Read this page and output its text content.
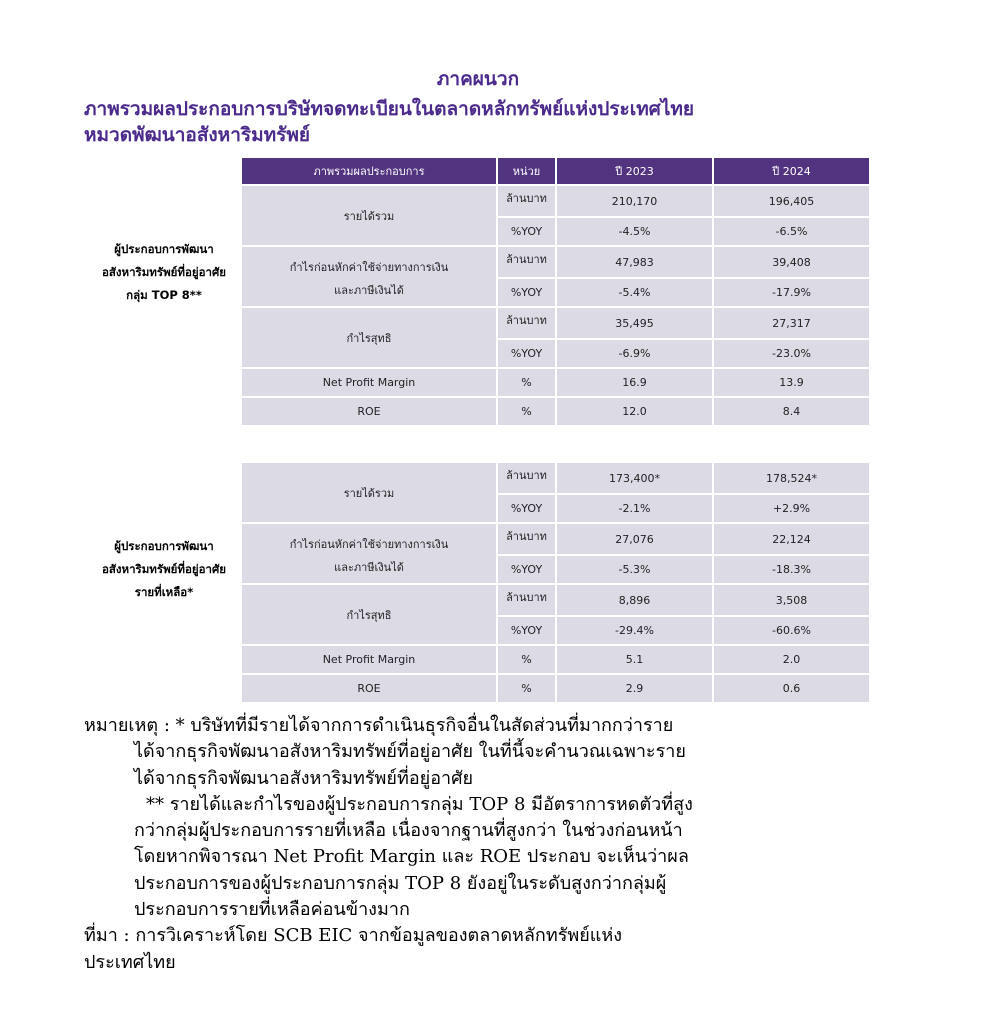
ภาคผนวก
ภาพรวมผลประกอบการบริษัทจดทะเบียนในตลาดหลักทรัพย์แห่งประเทศไทย
หมวดพัฒนาอสังหาริมทรัพย์
ผู้ประกอบการพัฒนา
อสังหาริมทรัพย์ที่อยู่อาศัย
กลุ่ม TOP 8**
ภาพรวมผลประกอบการ	หน่วย	ปี 2023	ปี 2024
รายได้รวม	ล้านบาท	210,170	196,405
	%YOY	-4.5%	-6.5%

กำไรก่อนหักค่าใช้จ่ายทางการเงิน
และภาษีเงินได้	ล้านบาท	47,983	39,408
	%YOY	-5.4%	-17.9%
กำไรสุทธิ	ล้านบาท	35,495	27,317
	%YOY	-6.9%	-23.0%
Net Profit Margin	%	16.9	13.9
ROE	%	12.0	8.4
ผู้ประกอบการพัฒนา
อสังหาริมทรัพย์ที่อยู่อาศัย
รายที่เหลือ*
รายได้รวม	ล้านบาท	173,400*	178,524*
	%YOY	-2.1%	+2.9%

กำไรก่อนหักค่าใช้จ่ายทางการเงิน
และภาษีเงินได้	ล้านบาท	27,076	22,124
	%YOY	-5.3%	-18.3%
กำไรสุทธิ	ล้านบาท	8,896	3,508
	%YOY	-29.4%	-60.6%
Net Profit Margin	%	5.1	2.0
ROE	%	2.9	0.6
หมายเหตุ : * บริษัทที่มีรายได้จากการดำเนินธุรกิจอื่นในสัดส่วนที่มากกว่าราย
ได้จากธุรกิจพัฒนาอสังหาริมทรัพย์ที่อยู่อาศัย ในที่นี้จะคำนวณเฉพาะราย
ได้จากธุรกิจพัฒนาอสังหาริมทรัพย์ที่อยู่อาศัย
** รายได้และกำไรของผู้ประกอบการกลุ่ม TOP 8 มีอัตราการหดตัวที่สูง
กว่ากลุ่มผู้ประกอบการรายที่เหลือ เนื่องจากฐานที่สูงกว่า ในช่วงก่อนหน้า
โดยหากพิจารณา Net Profit Margin และ ROE ประกอบ จะเห็นว่าผล
ประกอบการของผู้ประกอบการกลุ่ม TOP 8 ยังอยู่ในระดับสูงกว่ากลุ่มผู้
ประกอบการรายที่เหลือค่อนข้างมาก
ที่มา : การวิเคราะห์โดย SCB EIC จากข้อมูลของตลาดหลักทรัพย์แห่ง
ประเทศไทย
